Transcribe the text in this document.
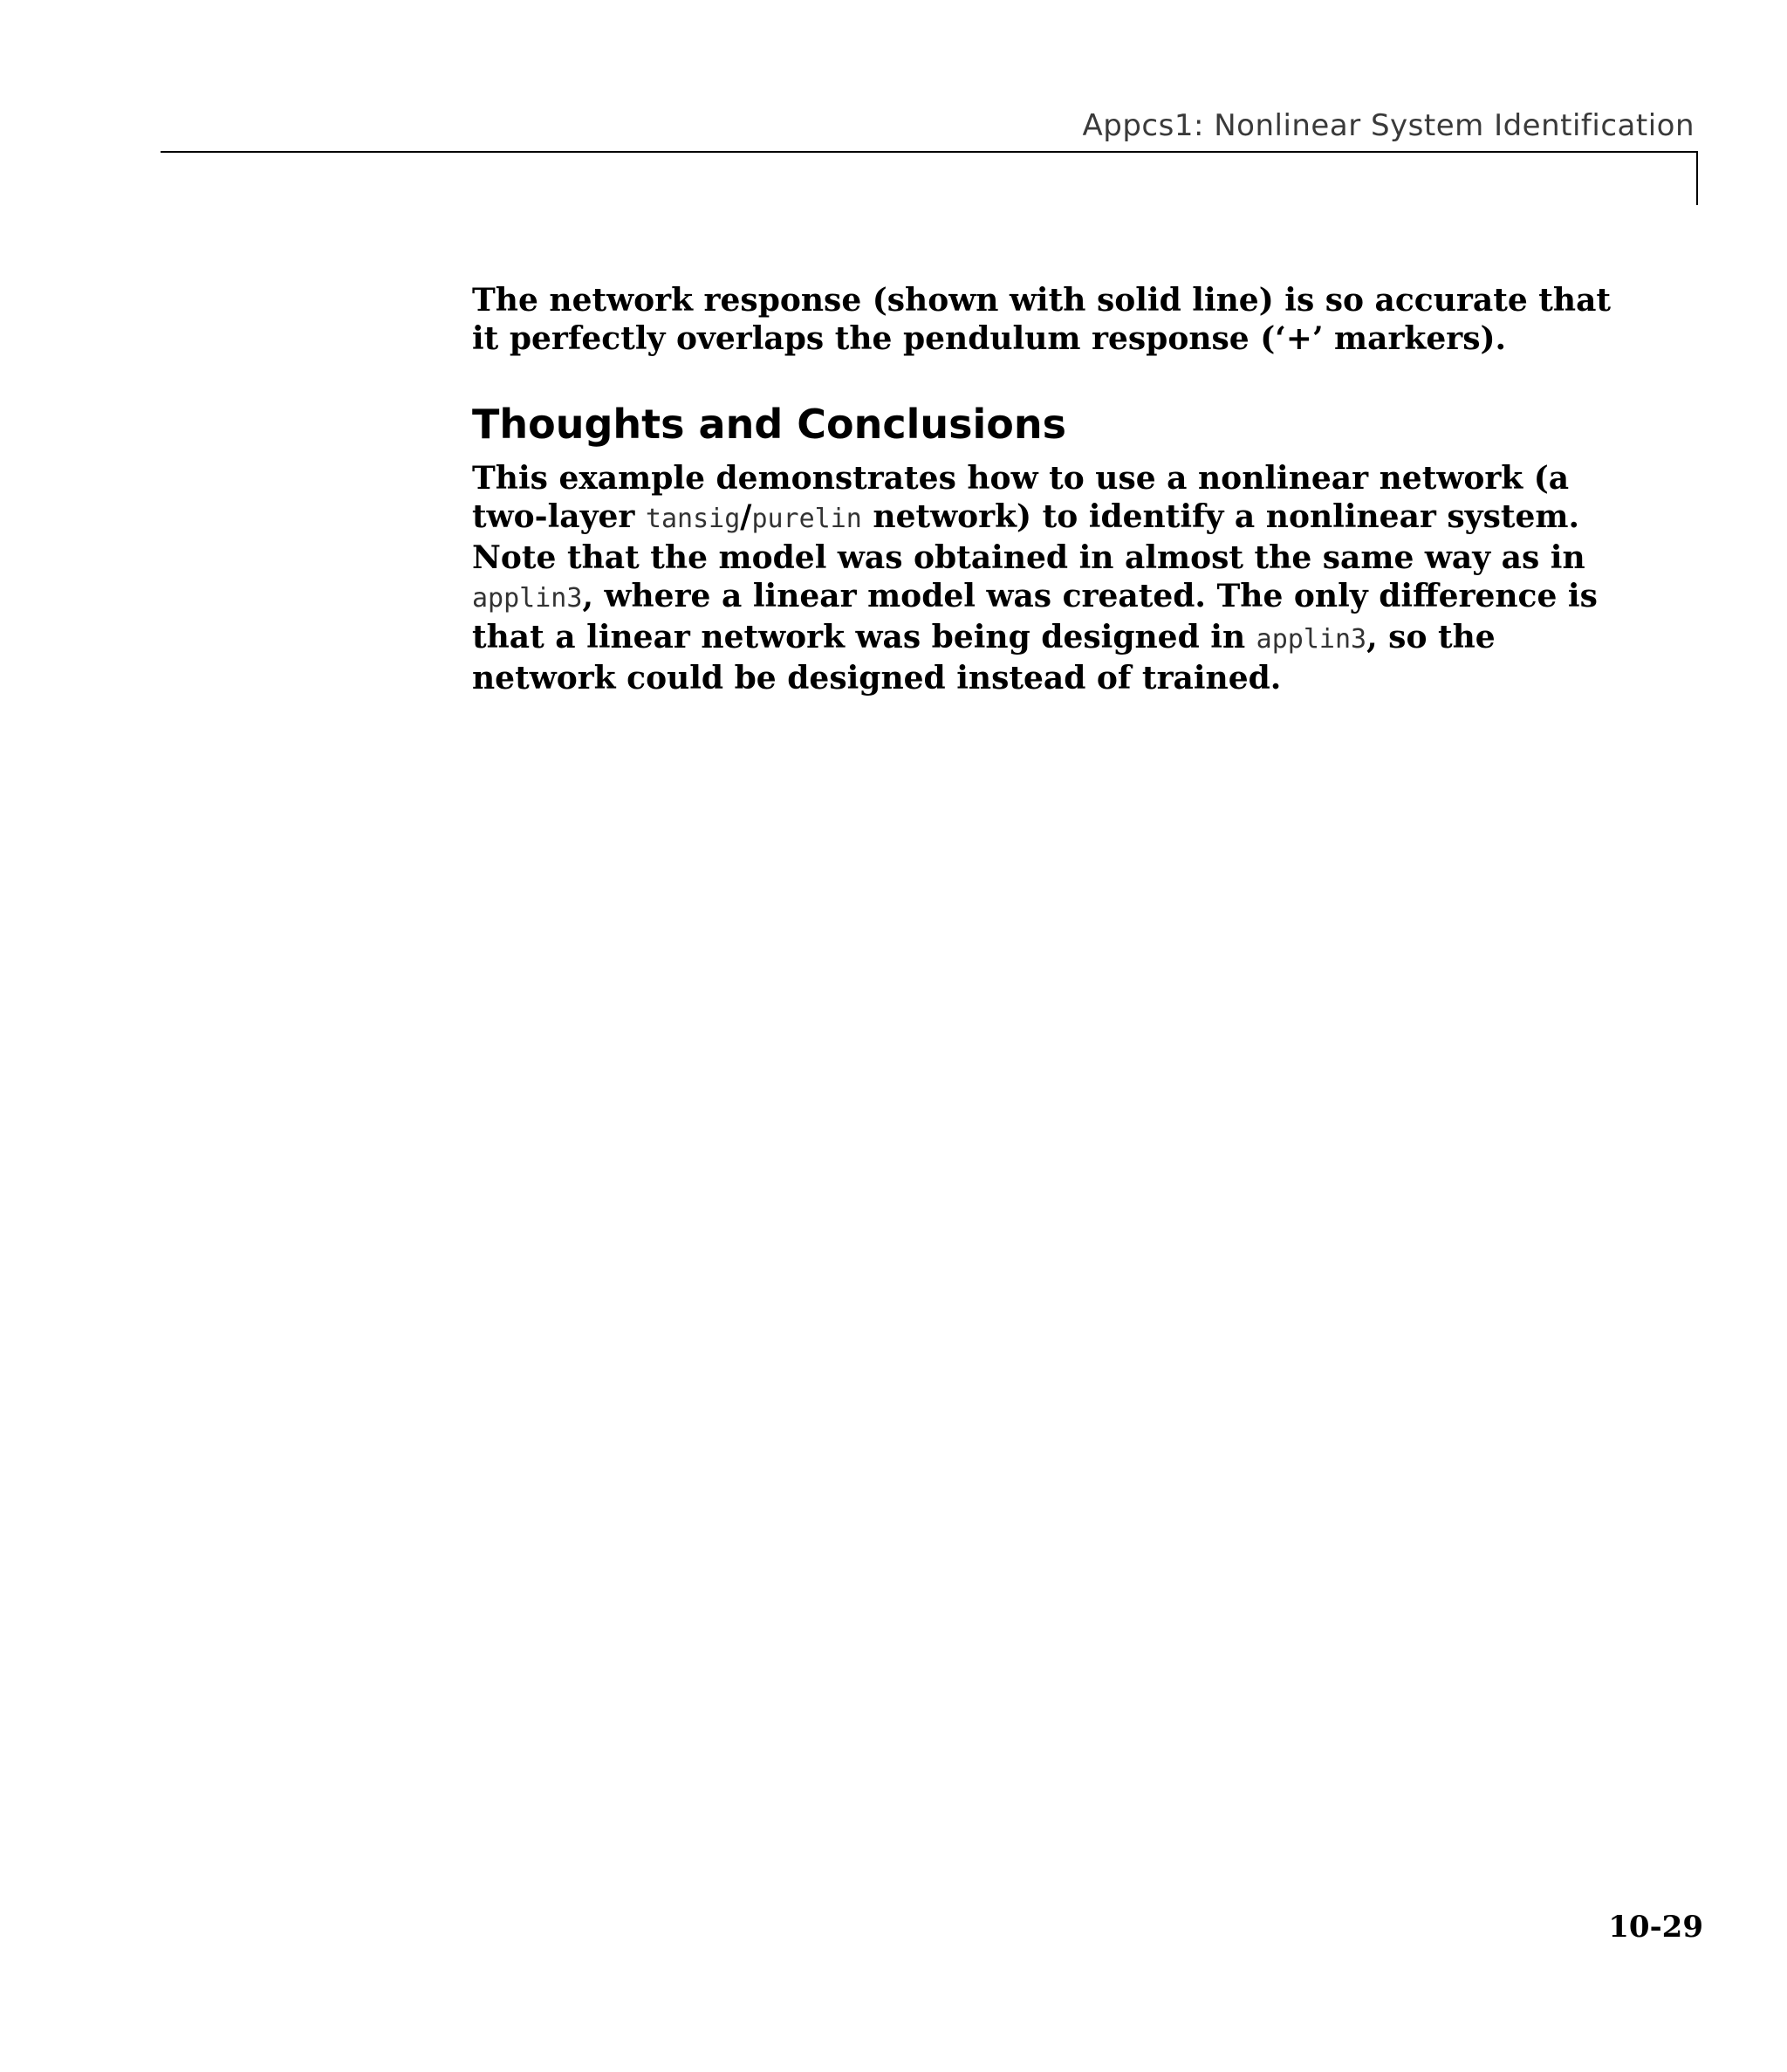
Appcs1: Nonlinear System Identification

The network response (shown with solid line) is so accurate that it perfectly overlaps the pendulum response (‘+’ markers).

Thoughts and Conclusions

This example demonstrates how to use a nonlinear network (a two-layer tansig/purelin network) to identify a nonlinear system. Note that the model was obtained in almost the same way as in applin3, where a linear model was created. The only difference is that a linear network was being designed in applin3, so the network could be designed instead of trained.

10-29
